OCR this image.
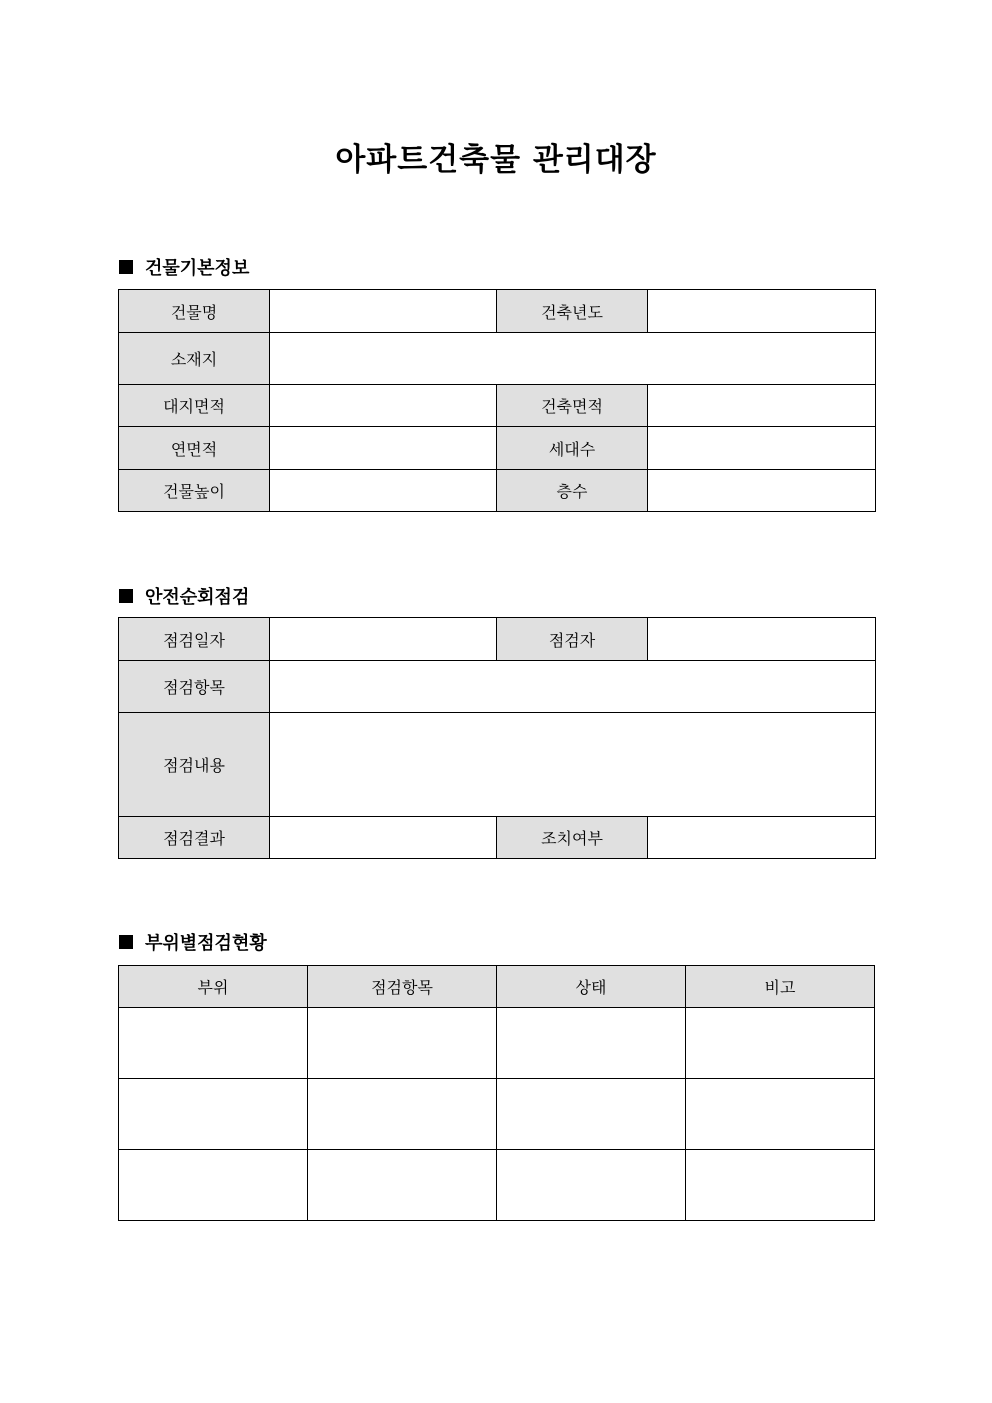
아파트건축물 관리대장
건물기본정보
건물명		건축년도	
소재지			
대지면적		건축면적	
연면적		세대수	
건물높이		층수	
안전순회점검
점검일자		점검자	
점검항목			
점검내용			
점검결과		조치여부	
부위별점검현황
부위	점검항목	상태	비고
